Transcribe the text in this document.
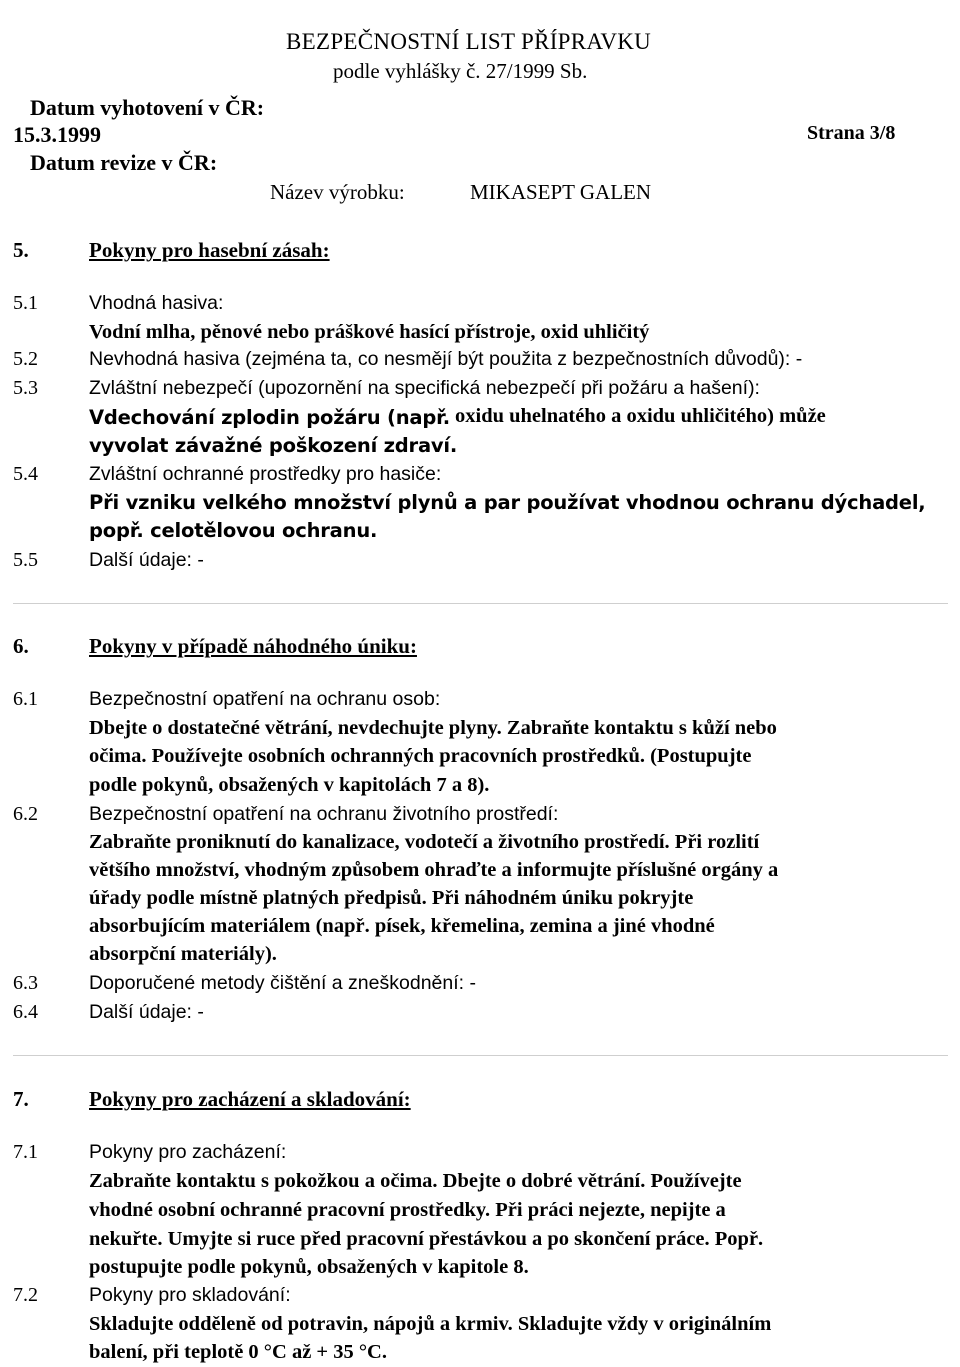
BEZPEČNOSTNÍ LIST PŘÍPRAVKU
podle vyhlášky č. 27/1999 Sb.
Datum vyhotovení v ČR:
15.3.1999	Strana 3/8
Datum revize v ČR:
Název výrobku:	MIKASEPT GALEN
5.	Pokyny pro hasební zásah:
5.1	Vhodná hasiva:
Vodní mlha, pěnové nebo práškové hasící přístroje, oxid uhličitý
5.2	Nevhodná hasiva (zejména ta, co nesmějí být použita z bezpečnostních důvodů): -
5.3	Zvláštní nebezpečí (upozornění na specifická nebezpečí při požáru a hašení):
Vdechování zplodin požáru (např. oxidu uhelnatého a oxidu uhličitého) může
vyvolat závažné poškození zdraví.
5.4	Zvláštní ochranné prostředky pro hasiče:
Při vzniku velkého množství plynů a par používat vhodnou ochranu dýchadel,
popř. celotělovou ochranu.
5.5	Další údaje: -
6.	Pokyny v případě náhodného úniku:
6.1	Bezpečnostní opatření na ochranu osob:
Dbejte o dostatečné větrání, nevdechujte plyny. Zabraňte kontaktu s kůží nebo
očima. Používejte osobních ochranných pracovních prostředků. (Postupujte
podle pokynů, obsažených v kapitolách 7 a 8).
6.2	Bezpečnostní opatření na ochranu životního prostředí:
Zabraňte proniknutí do kanalizace, vodotečí a životního prostředí. Při rozlití
většího množství, vhodným způsobem ohraďte a informujte příslušné orgány a
úřady podle místně platných předpisů. Při náhodném úniku pokryjte
absorbujícím materiálem (např. písek, křemelina, zemina a jiné vhodné
absorpční materiály).
6.3	Doporučené metody čištění a zneškodnění: -
6.4	Další údaje: -
7.	Pokyny pro zacházení a skladování:
7.1	Pokyny pro zacházení:
Zabraňte kontaktu s pokožkou a očima. Dbejte o dobré větrání. Používejte
vhodné osobní ochranné pracovní prostředky. Při práci nejezte, nepijte a
nekuřte. Umyjte si ruce před pracovní přestávkou a po skončení práce. Popř.
postupujte podle pokynů, obsažených v kapitole 8.
7.2	Pokyny pro skladování:
Skladujte odděleně od potravin, nápojů a krmiv. Skladujte vždy v originálním
balení, při teplotě 0 °C až + 35 °C.
